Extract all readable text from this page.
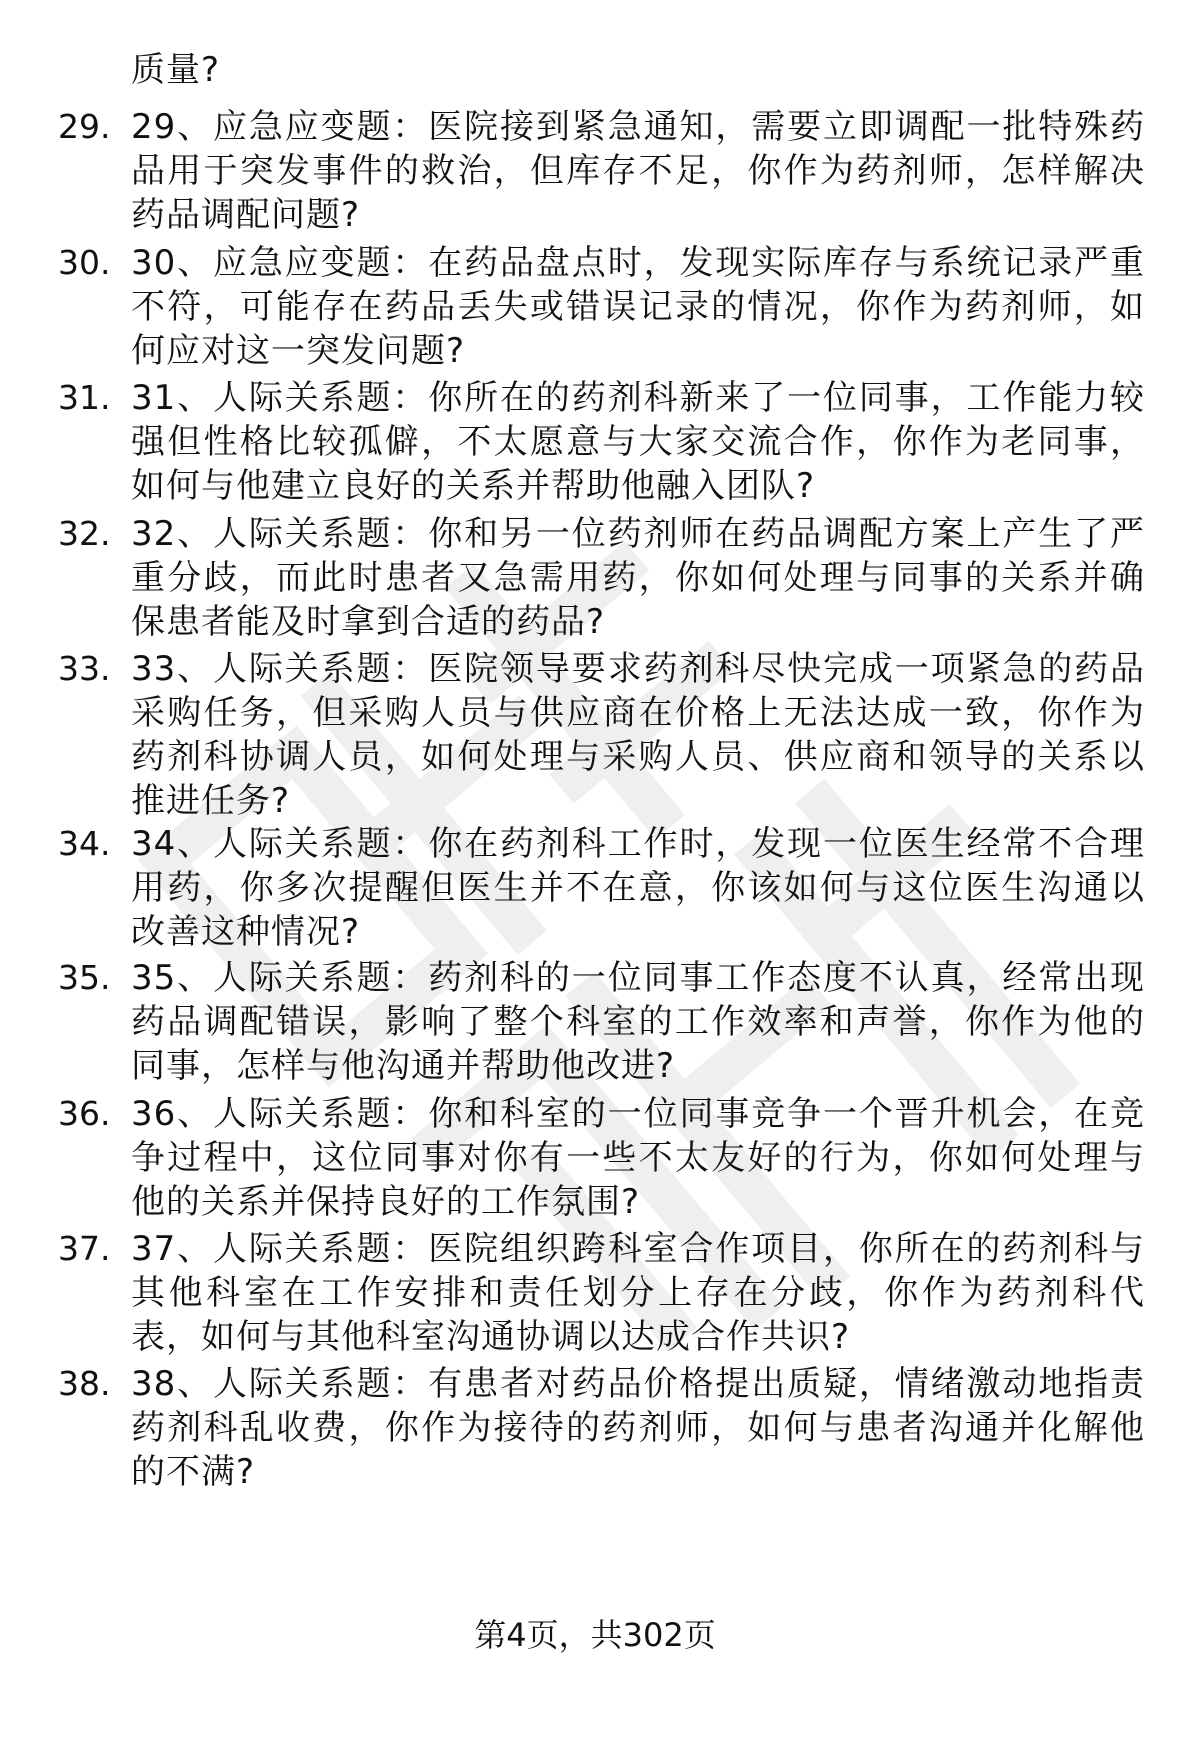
质量?
29. 29、应急应变题：医院接到紧急通知，需要立即调配一批特殊药品用于突发事件的救治，但库存不足，你作为药剂师，怎样解决药品调配问题?
30. 30、应急应变题：在药品盘点时，发现实际库存与系统记录严重不符，可能存在药品丢失或错误记录的情况，你作为药剂师，如何应对这一突发问题?
31. 31、人际关系题：你所在的药剂科新来了一位同事，工作能力较强但性格比较孤僻，不太愿意与大家交流合作，你作为老同事，如何与他建立良好的关系并帮助他融入团队?
32. 32、人际关系题：你和另一位药剂师在药品调配方案上产生了严重分歧，而此时患者又急需用药，你如何处理与同事的关系并确保患者能及时拿到合适的药品?
33. 33、人际关系题：医院领导要求药剂科尽快完成一项紧急的药品采购任务，但采购人员与供应商在价格上无法达成一致，你作为药剂科协调人员，如何处理与采购人员、供应商和领导的关系以推进任务?
34. 34、人际关系题：你在药剂科工作时，发现一位医生经常不合理用药，你多次提醒但医生并不在意，你该如何与这位医生沟通以改善这种情况?
35. 35、人际关系题：药剂科的一位同事工作态度不认真，经常出现药品调配错误，影响了整个科室的工作效率和声誉，你作为他的同事，怎样与他沟通并帮助他改进?
36. 36、人际关系题：你和科室的一位同事竞争一个晋升机会，在竞争过程中，这位同事对你有一些不太友好的行为，你如何处理与他的关系并保持良好的工作氛围?
37. 37、人际关系题：医院组织跨科室合作项目，你所在的药剂科与其他科室在工作安排和责任划分上存在分歧，你作为药剂科代表，如何与其他科室沟通协调以达成合作共识?
38. 38、人际关系题：有患者对药品价格提出质疑，情绪激动地指责药剂科乱收费，你作为接待的药剂师，如何与患者沟通并化解他的不满?
第4页，共302页
